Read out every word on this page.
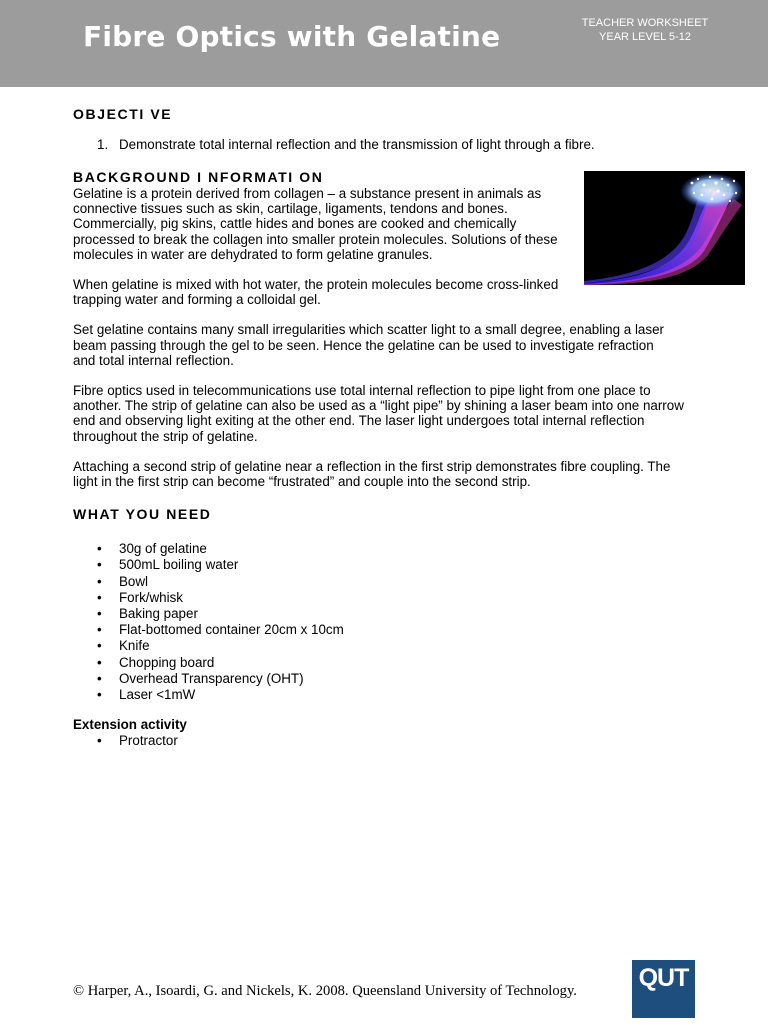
Fibre Optics with Gelatine	TEACHER WORKSHEET
YEAR LEVEL 5-12
OBJECTI VE
1. Demonstrate total internal reflection and the transmission of light through a fibre.
BACKGROUND I NFORMATI ON

Gelatine is a protein derived from collagen – a substance present in animals as connective tissues such as skin, cartilage, ligaments, tendons and bones. Commercially, pig skins, cattle hides and bones are cooked and chemically processed to break the collagen into smaller protein molecules. Solutions of these molecules in water are dehydrated to form gelatine granules.

When gelatine is mixed with hot water, the protein molecules become cross-linked trapping water and forming a colloidal gel.

Set gelatine contains many small irregularities which scatter light to a small degree, enabling a laser beam passing through the gel to be seen. Hence the gelatine can be used to investigate refraction and total internal reflection.

Fibre optics used in telecommunications use total internal reflection to pipe light from one place to another. The strip of gelatine can also be used as a “light pipe” by shining a laser beam into one narrow end and observing light exiting at the other end. The laser light undergoes total internal reflection throughout the strip of gelatine.

Attaching a second strip of gelatine near a reflection in the first strip demonstrates fibre coupling. The light in the first strip can become “frustrated” and couple into the second strip.

WHAT YOU NEED
• 30g of gelatine
• 500mL boiling water
• Bowl
• Fork/whisk
• Baking paper
• Flat-bottomed container 20cm x 10cm
• Knife
• Chopping board
• Overhead Transparency (OHT)
• Laser <1mW
Extension activity
• Protractor
© Harper, A., Isoardi, G. and Nickels, K. 2008. Queensland University of Technology. QUT
